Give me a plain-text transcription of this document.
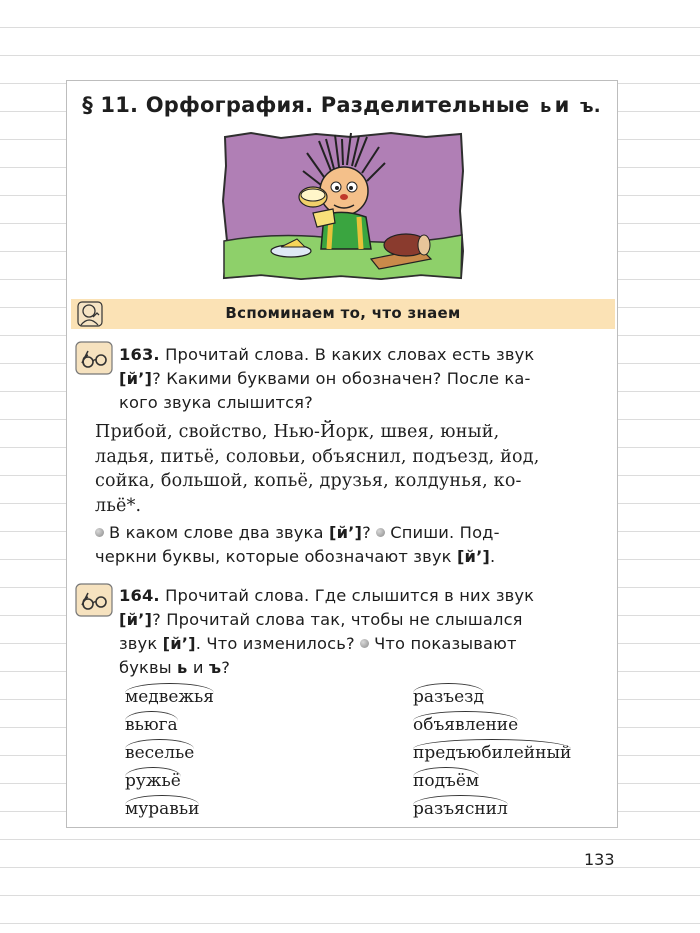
§ 11. Орфография. Разделительные ь и ъ.
Вспоминаем то, что знаем
163. Прочитай слова. В каких словах есть звук
[й’]? Какими буквами он обозначен? После ка-
кого звука слышится?
Прибой, свойство, Нью-Йорк, швея, юный,
ладья, питьё, соловьи, объяснил, подъезд, йод,
сойка, большой, копьё, друзья, колдунья, ко-
льё*.
В каком слове два звука [й’]? Спиши. Под-
черкни буквы, которые обозначают звук [й’].
164. Прочитай слова. Где слышится в них звук
[й’]? Прочитай слова так, чтобы не слышался
звук [й’]. Что изменилось? Что показывают
буквы ь и ъ?
медвежья
вьюга
веселье
ружьё
муравьи
разъезд
объявление
предъюбилейный
подъём
разъяснил
133
